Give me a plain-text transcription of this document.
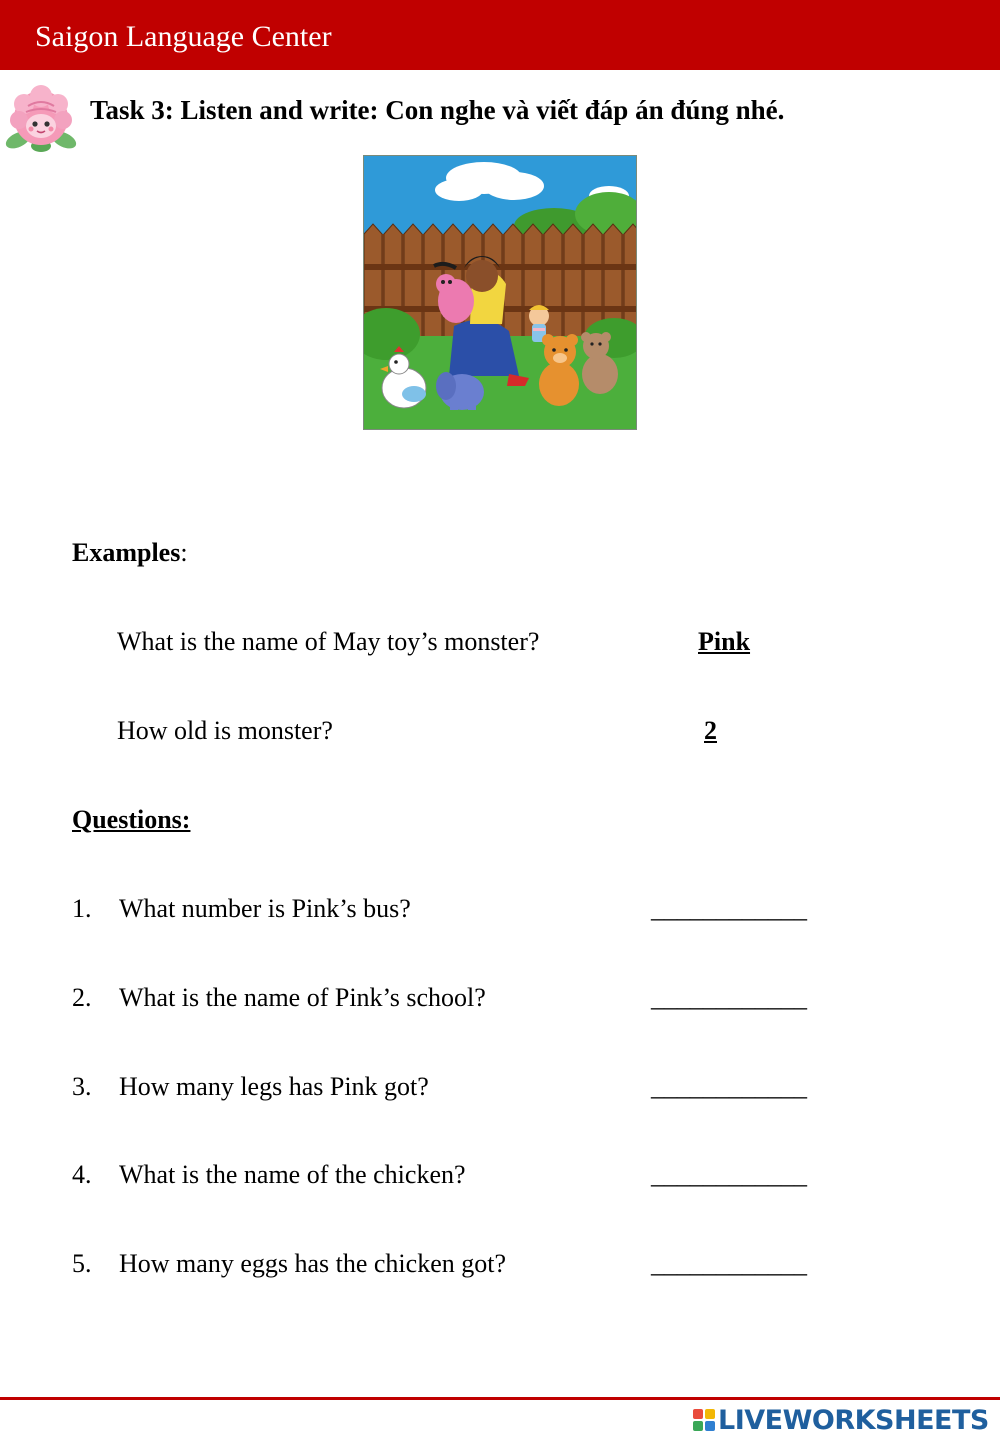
Saigon Language Center
Task 3: Listen and write: Con nghe và viết đáp án đúng nhé.
Examples:
What is the name of May toy’s monster?	Pink
How old is monster?	2
Questions:
1. What number is Pink’s bus?	____________
2. What is the name of Pink’s school?	____________
3. How many legs has Pink got?	____________
4. What is the name of the chicken?	____________
5. How many eggs has the chicken got?	____________
LIVEWORKSHEETS
